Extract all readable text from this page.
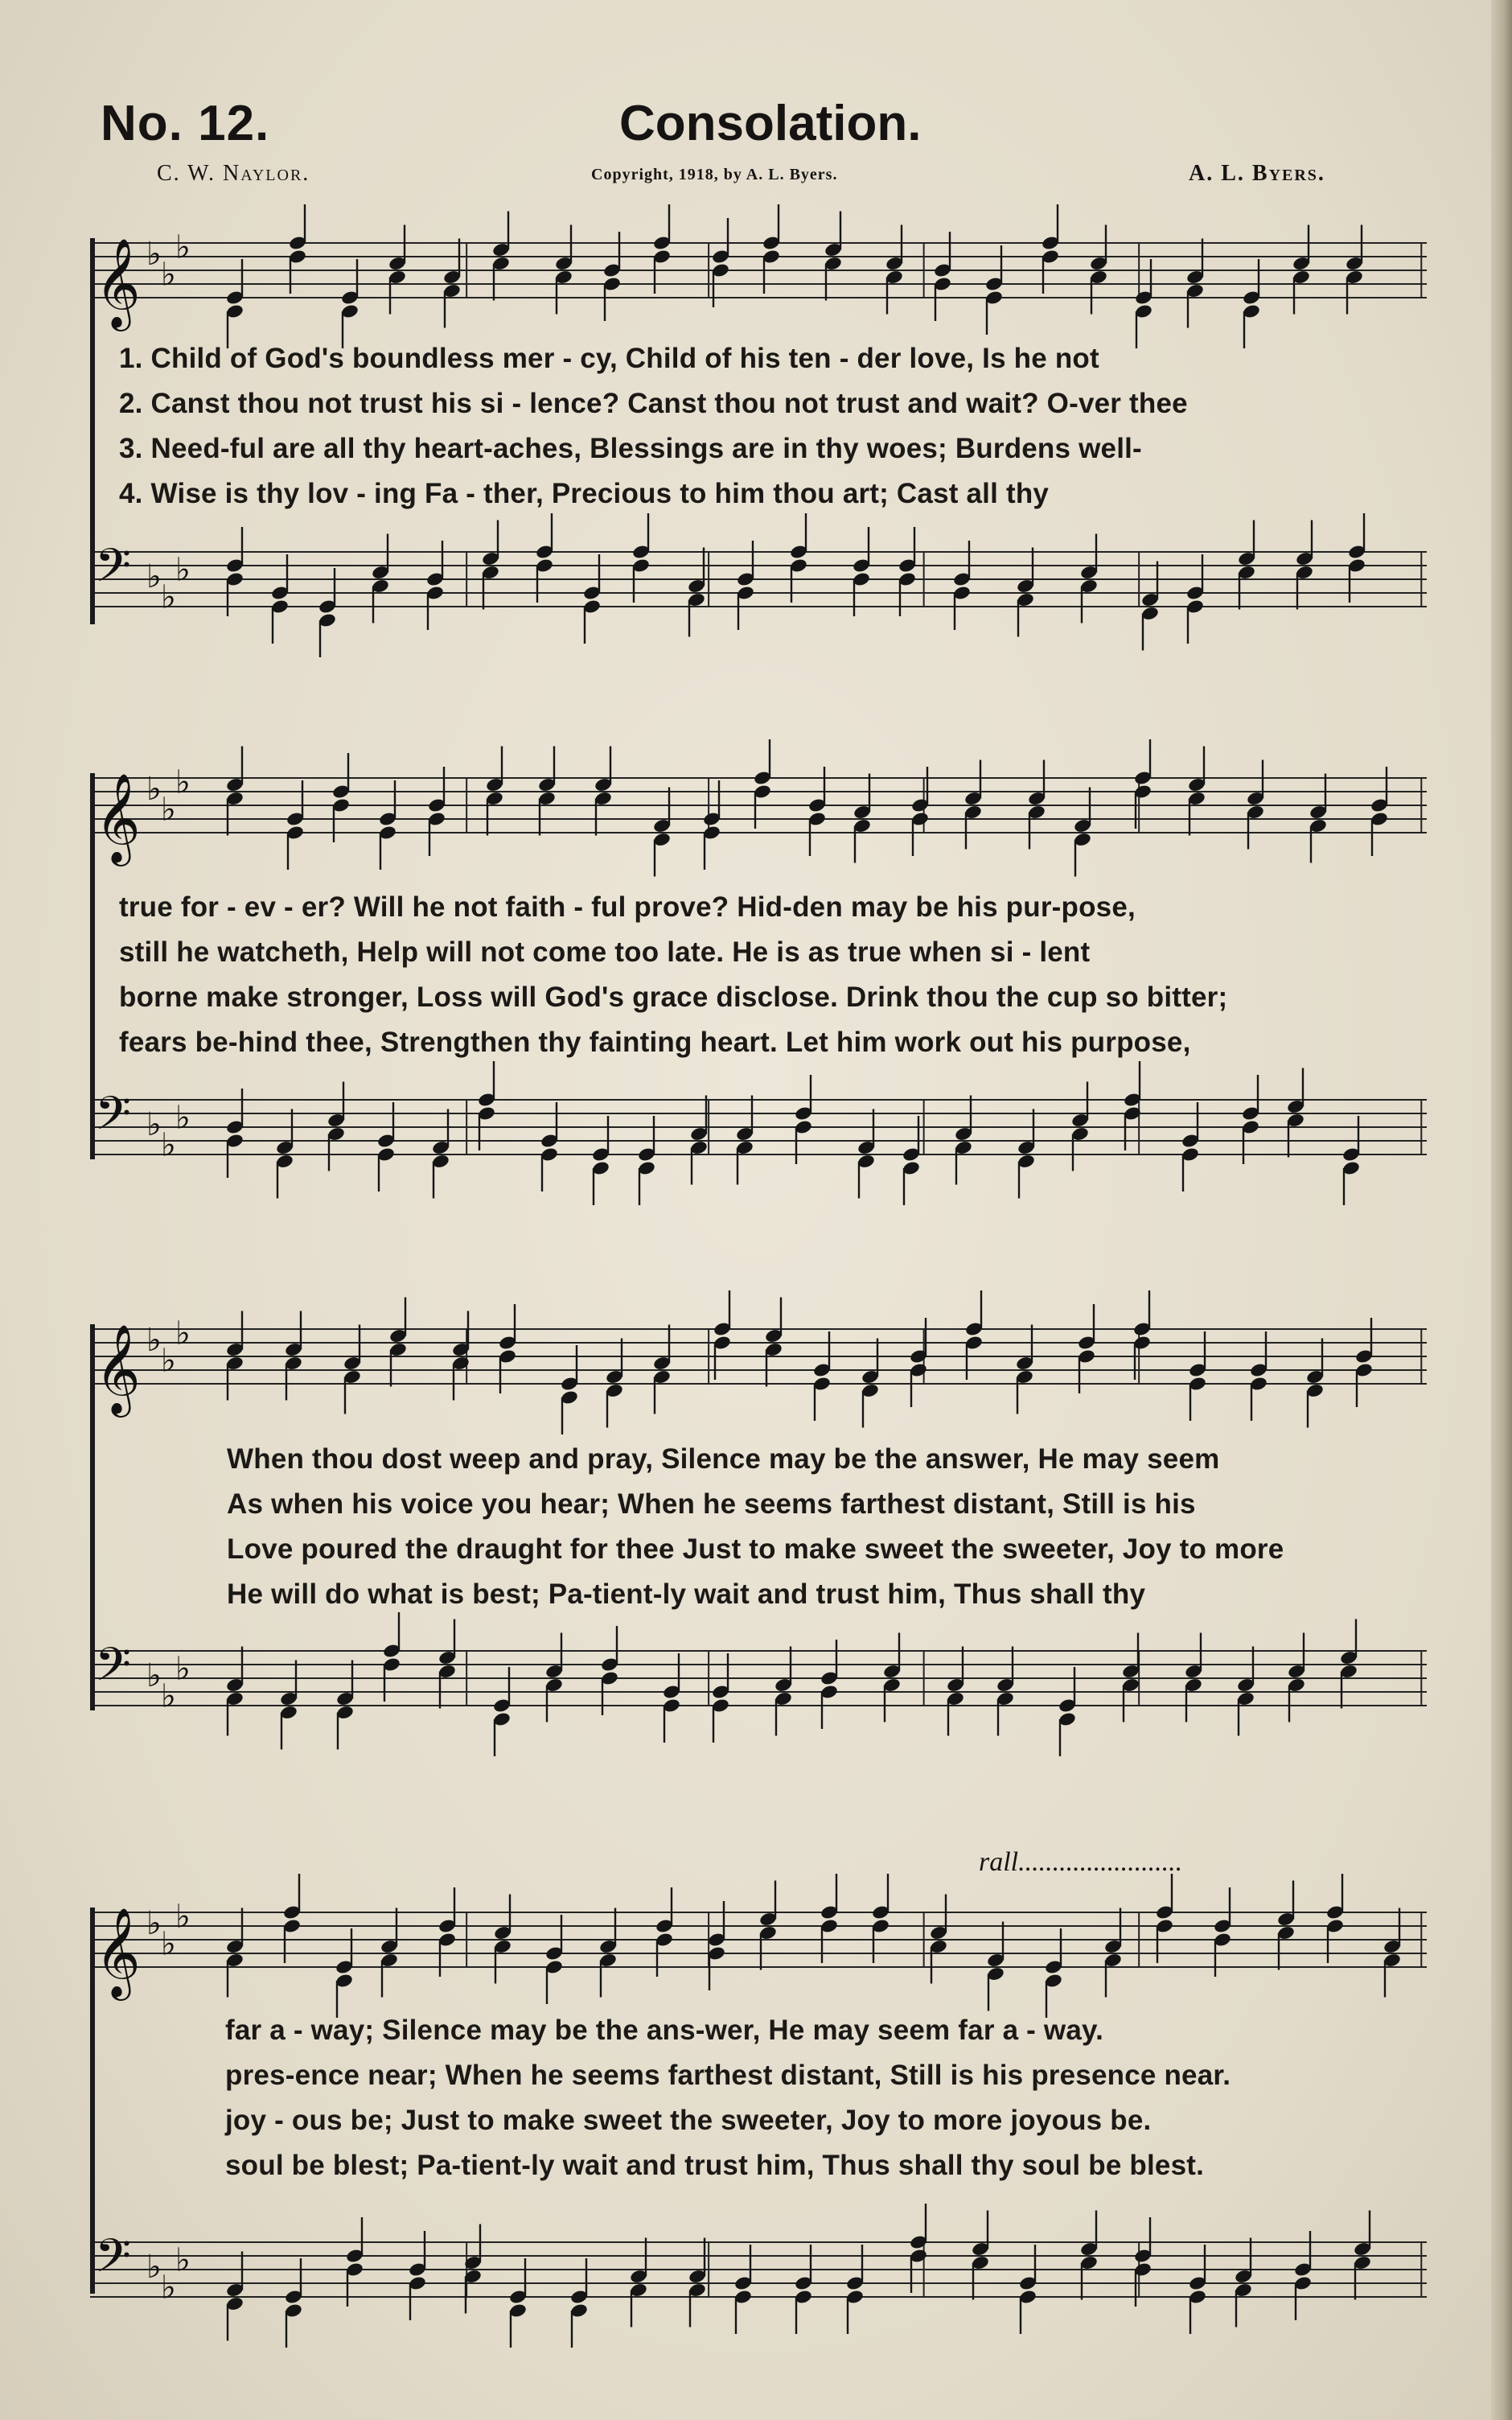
No. 12.	Consolation.
C. W. Naylor.	Copyright, 1918, by A. L. Byers.	A. L. Byers.
𝄞 ♭
♭
♭
𝄢 ♭
♭
♭
1. Child of God's boundless mer - cy, Child of his ten - der love, Is he not
2. Canst thou not trust his si - lence? Canst thou not trust and wait? O-ver thee
3. Need-ful are all thy heart-aches, Blessings are in thy woes; Burdens well-
4. Wise is thy lov - ing Fa - ther, Precious to him thou art; Cast all thy
𝄞 ♭
♭
♭
𝄢 ♭
♭
♭
true for - ev - er? Will he not faith - ful prove? Hid-den may be his pur-pose,
still he watcheth, Help will not come too late. He is as true when si - lent
borne make stronger, Loss will God's grace disclose. Drink thou the cup so bitter;
fears be-hind thee, Strengthen thy fainting heart. Let him work out his purpose,
𝄞 ♭
♭
♭
𝄢 ♭
♭
♭
When thou dost weep and pray, Silence may be the answer, He may seem
As when his voice you hear; When he seems farthest distant, Still is his
Love poured the draught for thee Just to make sweet the sweeter, Joy to more
He will do what is best; Pa-tient-ly wait and trust him, Thus shall thy
𝄞 ♭
♭
♭
𝄢 ♭
♭
♭
rall........................
far a - way; Silence may be the ans-wer, He may seem far a - way.
pres-ence near; When he seems farthest distant, Still is his presence near.
joy - ous be; Just to make sweet the sweeter, Joy to more joyous be.
soul be blest; Pa-tient-ly wait and trust him, Thus shall thy soul be blest.
